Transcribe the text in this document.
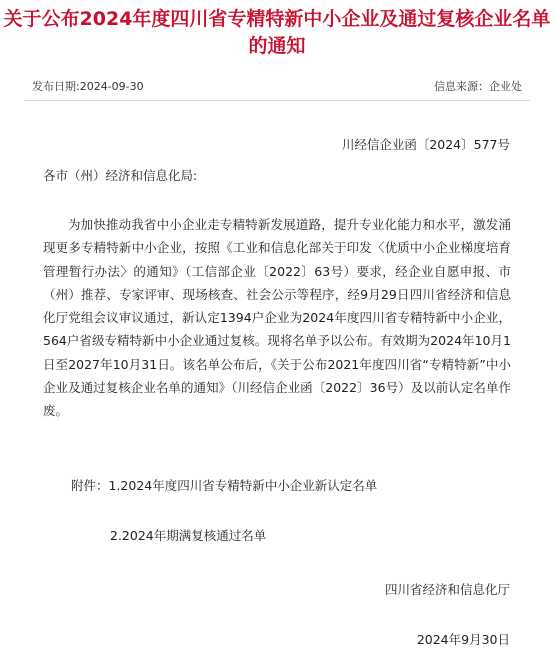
关于公布2024年度四川省专精特新中小企业及通过复核企业名单的通知
发布日期:2024-09-30	信息来源：企业处
川经信企业函〔2024〕577号
各市（州）经济和信息化局:

为加快推动我省中小企业走专精特新发展道路，提升专业化能力和水平，激发涌现更多专精特新中小企业，按照《工业和信息化部关于印发〈优质中小企业梯度培育管理暂行办法〉的通知》（工信部企业〔2022〕63号）要求，经企业自愿申报、市（州）推荐、专家评审、现场核查、社会公示等程序，经9月29日四川省经济和信息化厅党组会议审议通过，新认定1394户企业为2024年度四川省专精特新中小企业，564户省级专精特新中小企业通过复核。现将名单予以公布。有效期为2024年10月1日至2027年10月31日。该名单公布后，《关于公布2021年度四川省“专精特新”中小企业及通过复核企业名单的通知》（川经信企业函〔2022〕36号）及以前认定名单作废。

附件：1.2024年度四川省专精特新中小企业新认定名单
2.2024年期满复核通过名单
四川省经济和信息化厅
2024年9月30日
